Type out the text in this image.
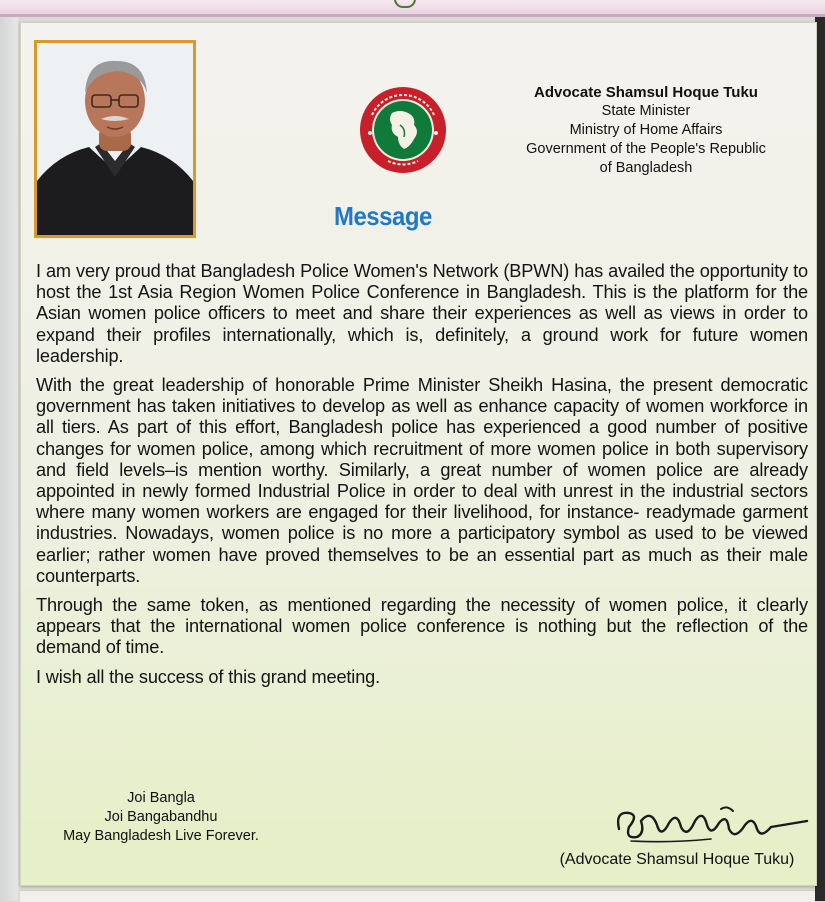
Message
Advocate Shamsul Hoque Tuku
State Minister
Ministry of Home Affairs
Government of the People's Republic
of Bangladesh

I am very proud that Bangladesh Police Women's Network (BPWN) has availed the opportunity to host the 1st Asia Region Women Police Conference in Bangladesh. This is the platform for the Asian women police officers to meet and share their experiences as well as views in order to expand their profiles internationally, which is, definitely, a ground work for future women leadership.

With the great leadership of honorable Prime Minister Sheikh Hasina, the present democratic government has taken initiatives to develop as well as enhance capacity of women workforce in all tiers. As part of this effort, Bangladesh police has experienced a good number of positive changes for women police, among which recruitment of more women police in both supervisory and field levels–is mention worthy. Similarly, a great number of women police are already appointed in newly formed Industrial Police in order to deal with unrest in the industrial sectors where many women workers are engaged for their livelihood, for instance- readymade garment industries. Nowadays, women police is no more a participatory symbol as used to be viewed earlier; rather women have proved themselves to be an essential part as much as their male counterparts.

Through the same token, as mentioned regarding the necessity of women police, it clearly appears that the international women police conference is nothing but the reflection of the demand of time.

I wish all the success of this grand meeting.

Joi Bangla
Joi Bangabandhu
May Bangladesh Live Forever.
(Advocate Shamsul Hoque Tuku)
